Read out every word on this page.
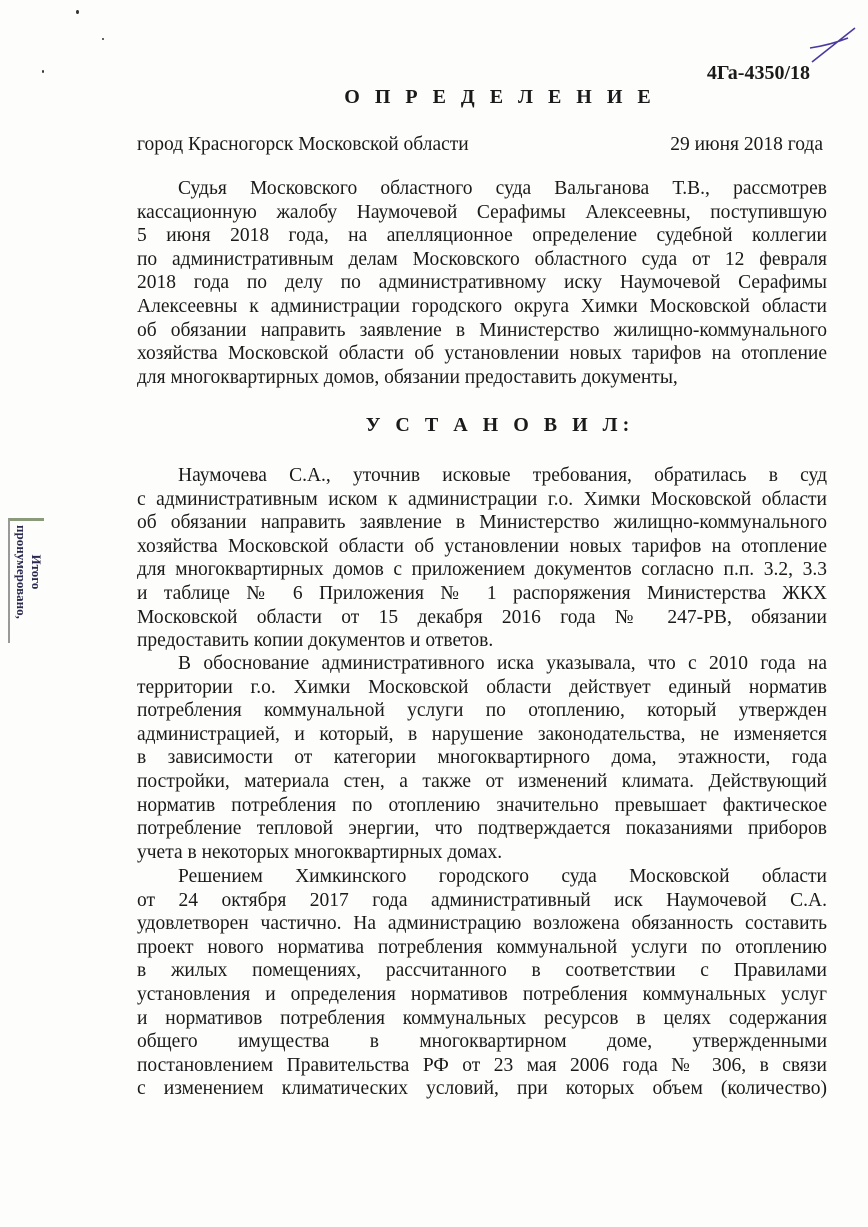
4Га-4350/18
О П Р Е Д Е Л Е Н И Е
город Красногорск Московской области	29 июня 2018 года
У С Т А Н О В И Л:
Судья Московского областного суда Вальганова Т.В., рассмотрев
кассационную жалобу Наумочевой Серафимы Алексеевны, поступившую
5 июня 2018 года, на апелляционное определение судебной коллегии
по административным делам Московского областного суда от 12 февраля
2018 года по делу по административному иску Наумочевой Серафимы
Алексеевны к администрации городского округа Химки Московской области
об обязании направить заявление в Министерство жилищно-коммунального
хозяйства Московской области об установлении новых тарифов на отопление
для многоквартирных домов, обязании предоставить документы,
Наумочева С.А., уточнив исковые требования, обратилась в суд
с административным иском к администрации г.о. Химки Московской области
об обязании направить заявление в Министерство жилищно-коммунального
хозяйства Московской области об установлении новых тарифов на отопление
для многоквартирных домов с приложением документов согласно п.п. 3.2, 3.3
и таблице № 6 Приложения № 1 распоряжения Министерства ЖКХ
Московской области от 15 декабря 2016 года № 247-РВ, обязании
предоставить копии документов и ответов.
В обоснование административного иска указывала, что с 2010 года на
территории г.о. Химки Московской области действует единый норматив
потребления коммунальной услуги по отоплению, который утвержден
администрацией, и который, в нарушение законодательства, не изменяется
в зависимости от категории многоквартирного дома, этажности, года
постройки, материала стен, а также от изменений климата. Действующий
норматив потребления по отоплению значительно превышает фактическое
потребление тепловой энергии, что подтверждается показаниями приборов
учета в некоторых многоквартирных домах.
Решением Химкинского городского суда Московской области
от 24 октября 2017 года административный иск Наумочевой С.А.
удовлетворен частично. На администрацию возложена обязанность составить
проект нового норматива потребления коммунальной услуги по отоплению
в жилых помещениях, рассчитанного в соответствии с Правилами
установления и определения нормативов потребления коммунальных услуг
и нормативов потребления коммунальных ресурсов в целях содержания
общего имущества в многоквартирном доме, утвержденными
постановлением Правительства РФ от 23 мая 2006 года № 306, в связи
с изменением климатических условий, при которых объем (количество)
Итого
пронумеровано,
